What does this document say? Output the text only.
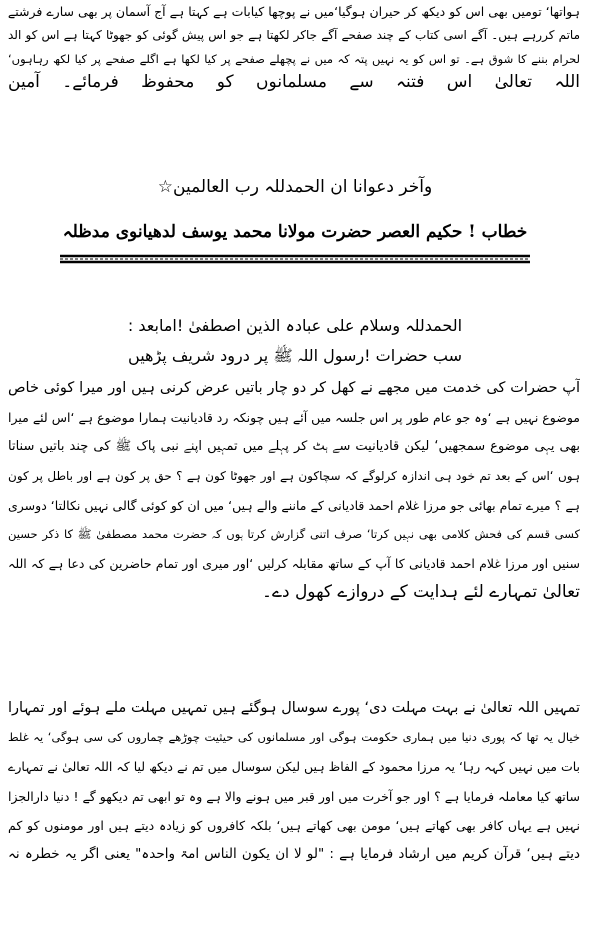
ہواتھا‘ تومیں بھی اس کو دیکھ کر حیران ہوگیا‘میں نے پوچھا کیابات ہے کہتا ہے آج آسمان پر بھی سارے فرشتے
ماتم کررہے ہیں۔ آگے اسی کتاب کے چند صفحے آگے جاکر لکھتا ہے جو اس پیش گوئی کو جھوٹا کہتا ہے اس کو الد
لحرام بننے کا شوق ہے۔ تو اس کو یہ نہیں پتہ کہ میں نے پچھلے صفحے پر کیا لکھا ہے اگلے صفحے پر کیا لکھ رہاہوں‘
اللہ تعالیٰ اس فتنہ سے مسلمانوں کو محفوظ فرمائے۔ آمین
وآخر دعوانا ان الحمدللہ رب العالمین☆
خطاب ! حکیم العصر حضرت مولانا محمد یوسف لدھیانوی مدظلہ
الحمدللہ وسلام علی عبادہ الذین اصطفیٰ !امابعد :
سب حضرات !رسول اللہ ﷺ پر درود شریف پڑھیں
آپ حضرات کی خدمت میں مجھے نے کھل کر دو چار باتیں عرض کرنی ہیں اور میرا کوئی خاص
موضوع نہیں ہے ‘وہ جو عام طور پر اس جلسہ میں آئے ہیں چونکہ رد قادیانیت ہمارا موضوع ہے ‘اس لئے میرا
بھی یہی موضوع سمجھیں‘ لیکن قادیانیت سے ہٹ کر پہلے میں تمہیں اپنے نبی پاک ﷺ کی چند باتیں سناتا
ہوں ‘اس کے بعد تم خود ہی اندازہ کرلوگے کہ سچاکون ہے اور جھوٹا کون ہے ؟ حق پر کون ہے اور باطل پر کون
ہے ؟ میرے تمام بھائی جو مرزا غلام احمد قادیانی کے ماننے والے ہیں‘ میں ان کو کوئی گالی نہیں نکالتا‘ دوسری
کسی قسم کی فحش کلامی بھی نہیں کرتا‘ صرف اتنی گزارش کرتا ہوں کہ حضرت محمد مصطفیٰ ﷺ کا ذکر حسین
سنیں اور مرزا غلام احمد قادیانی کا آپ کے ساتھ مقابلہ کرلیں ‘اور میری اور تمام حاضرین کی دعا ہے کہ اللہ
تعالیٰ تمہارے لئے ہدایت کے دروازے کھول دے۔
تمہیں اللہ تعالیٰ نے بہت مہلت دی‘ پورے سوسال ہوگئے ہیں تمہیں مہلت ملے ہوئے اور تمہارا
خیال یہ تھا کہ پوری دنیا میں ہماری حکومت ہوگی اور مسلمانوں کی حیثیت چوڑھے چماروں کی سی ہوگی‘ یہ غلط
بات میں نہیں کہہ رہا‘ یہ مرزا محمود کے الفاظ ہیں لیکن سوسال میں تم نے دیکھ لیا کہ اللہ تعالیٰ نے تمہارے
ساتھ کیا معاملہ فرمایا ہے ؟ اور جو آخرت میں اور قبر میں ہونے والا ہے وہ تو ابھی تم دیکھو گے ! دنیا دارالجزا
نہیں ہے یہاں کافر بھی کھاتے ہیں‘ مومن بھی کھاتے ہیں‘ بلکہ کافروں کو زیادہ دیتے ہیں اور مومنوں کو کم
دیتے ہیں‘ قرآن کریم میں ارشاد فرمایا ہے : "لو لا ان یکون الناس امۃ واحدہ" یعنی اگر یہ خطرہ نہ
